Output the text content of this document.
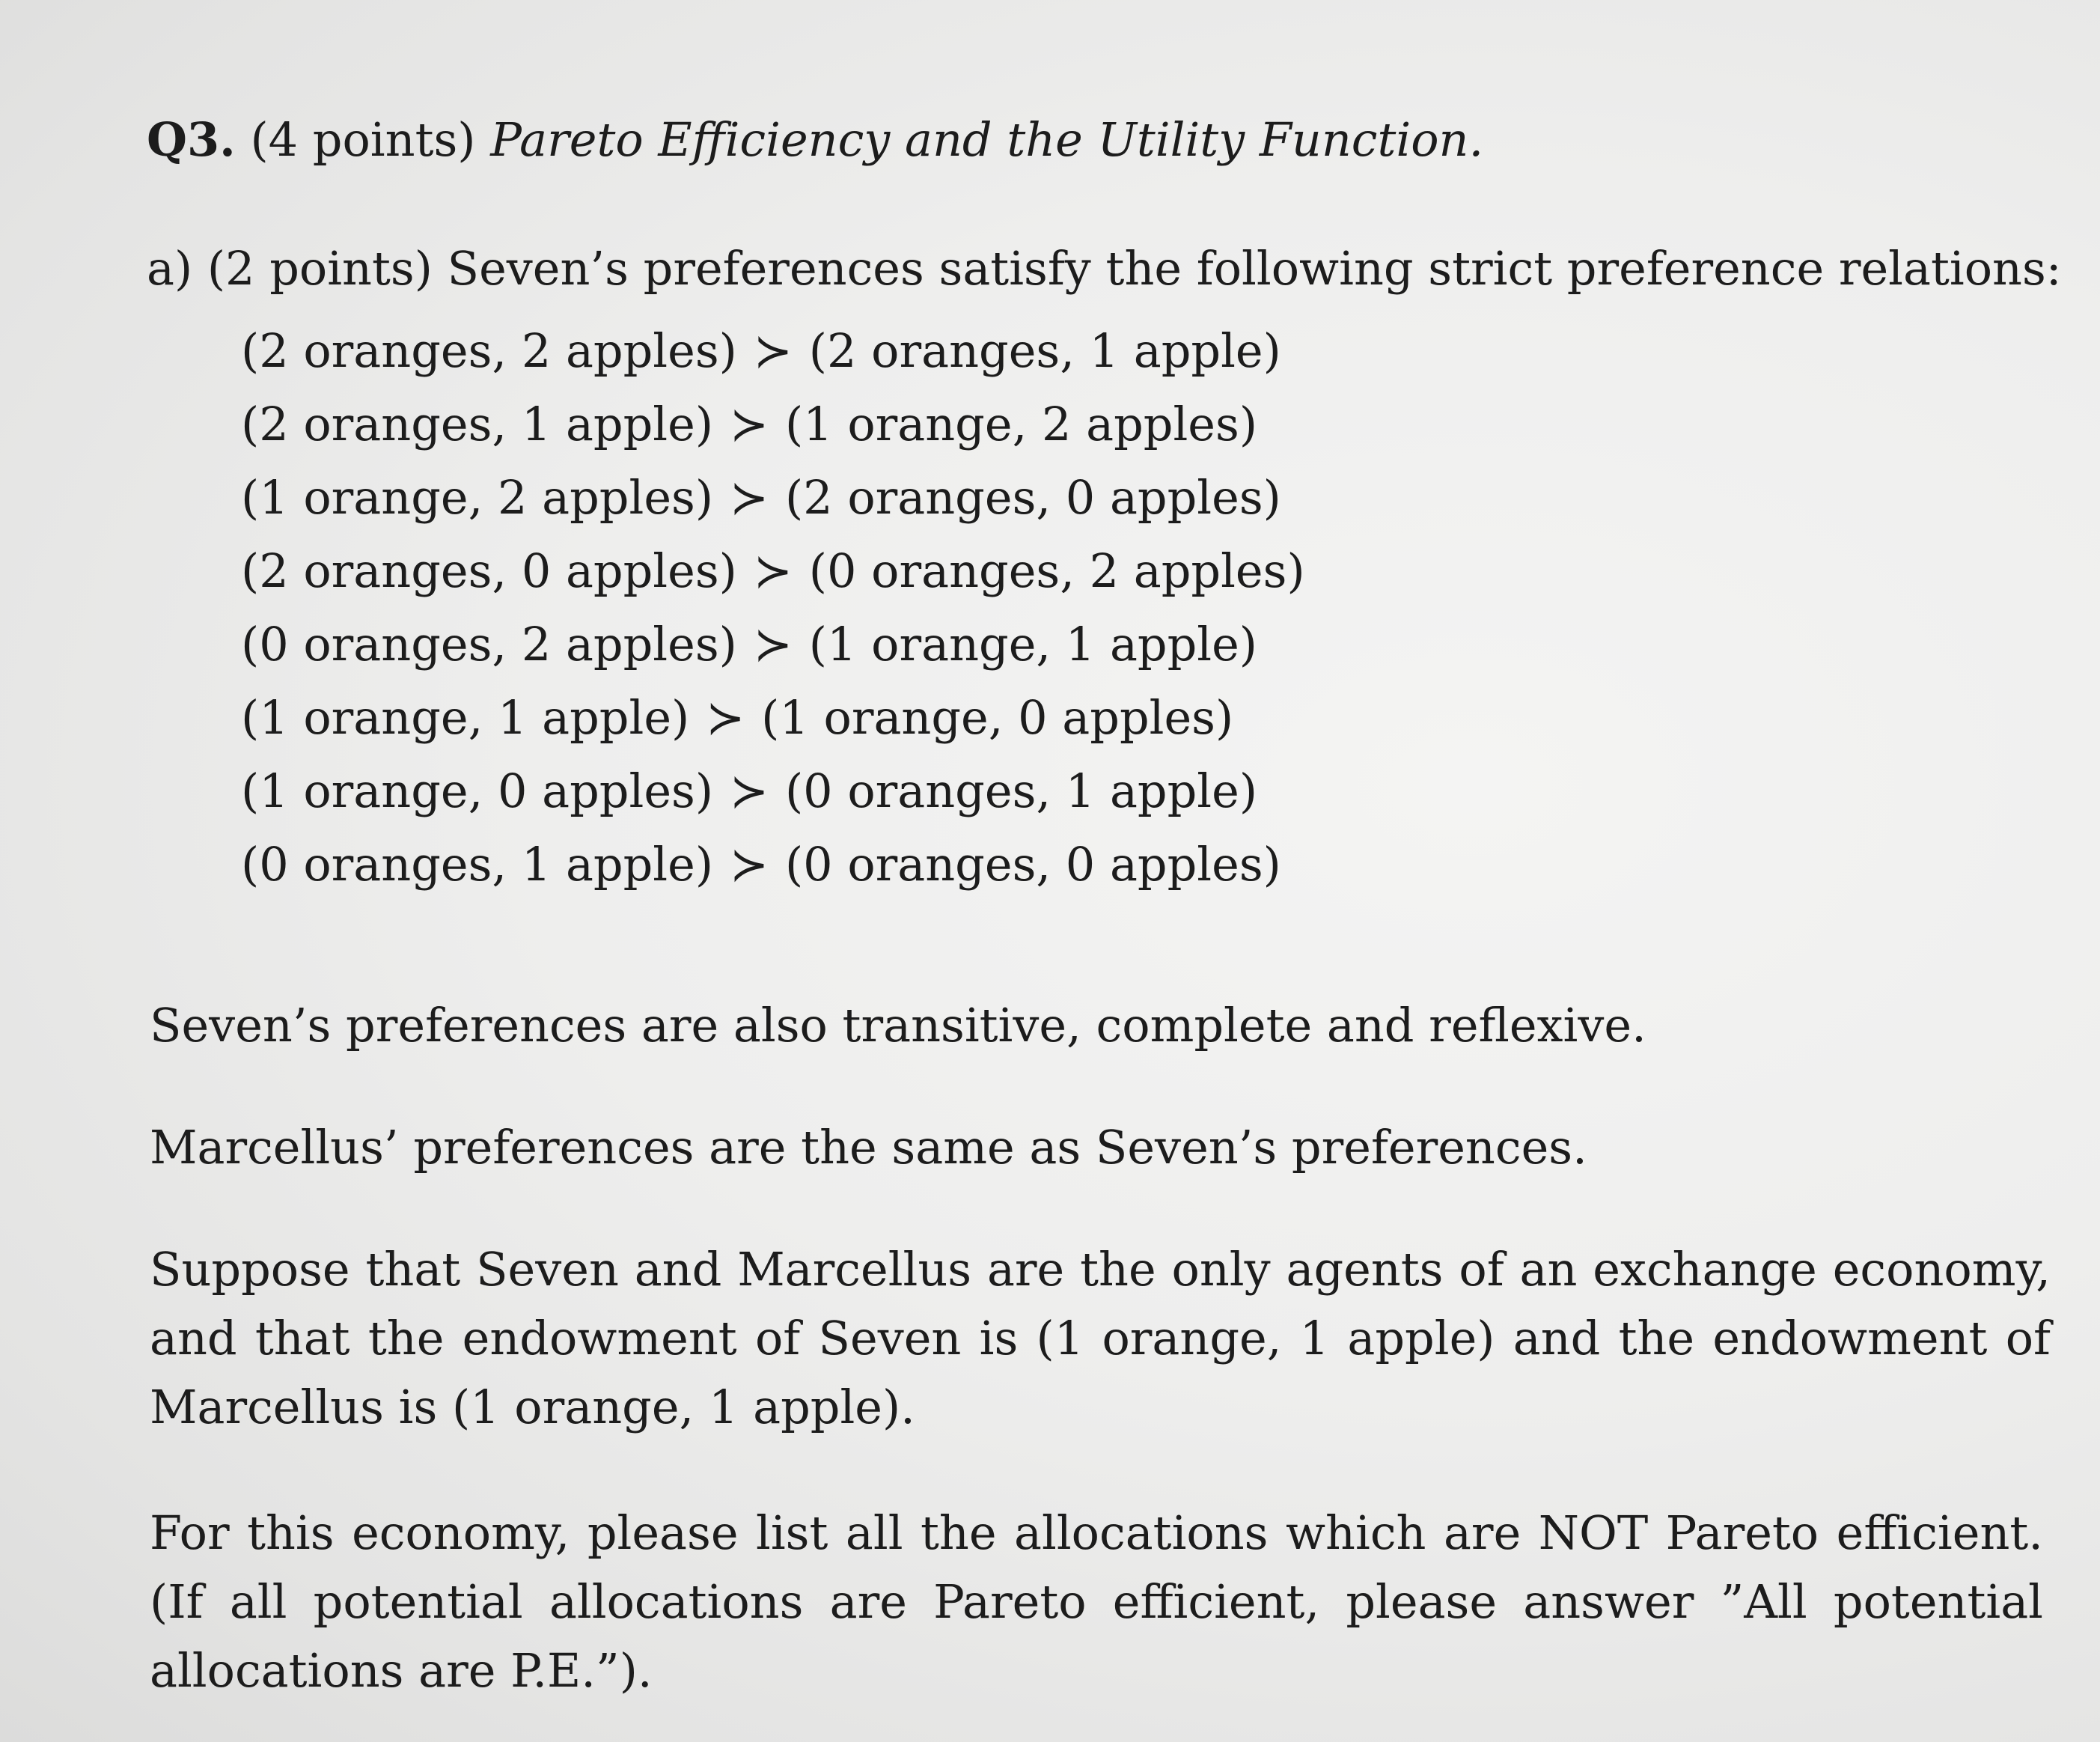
Q3. (4 points) Pareto Efficiency and the Utility Function.
a) (2 points) Seven’s preferences satisfy the following strict preference relations:
(2 oranges, 2 apples) ≻ (2 oranges, 1 apple)
(2 oranges, 1 apple) ≻ (1 orange, 2 apples)
(1 orange, 2 apples) ≻ (2 oranges, 0 apples)
(2 oranges, 0 apples) ≻ (0 oranges, 2 apples)
(0 oranges, 2 apples) ≻ (1 orange, 1 apple)
(1 orange, 1 apple) ≻ (1 orange, 0 apples)
(1 orange, 0 apples) ≻ (0 oranges, 1 apple)
(0 oranges, 1 apple) ≻ (0 oranges, 0 apples)

Seven’s preferences are also transitive, complete and reflexive.

Marcellus’ preferences are the same as Seven’s preferences.

Suppose that Seven and Marcellus are the only agents of an exchange economy, and that the endowment of Seven is (1 orange, 1 apple) and the endowment of Marcellus is (1 orange, 1 apple).

For this economy, please list all the allocations which are NOT Pareto efficient. (If all potential allocations are Pareto efficient, please answer ”All potential allocations are P.E.”).
